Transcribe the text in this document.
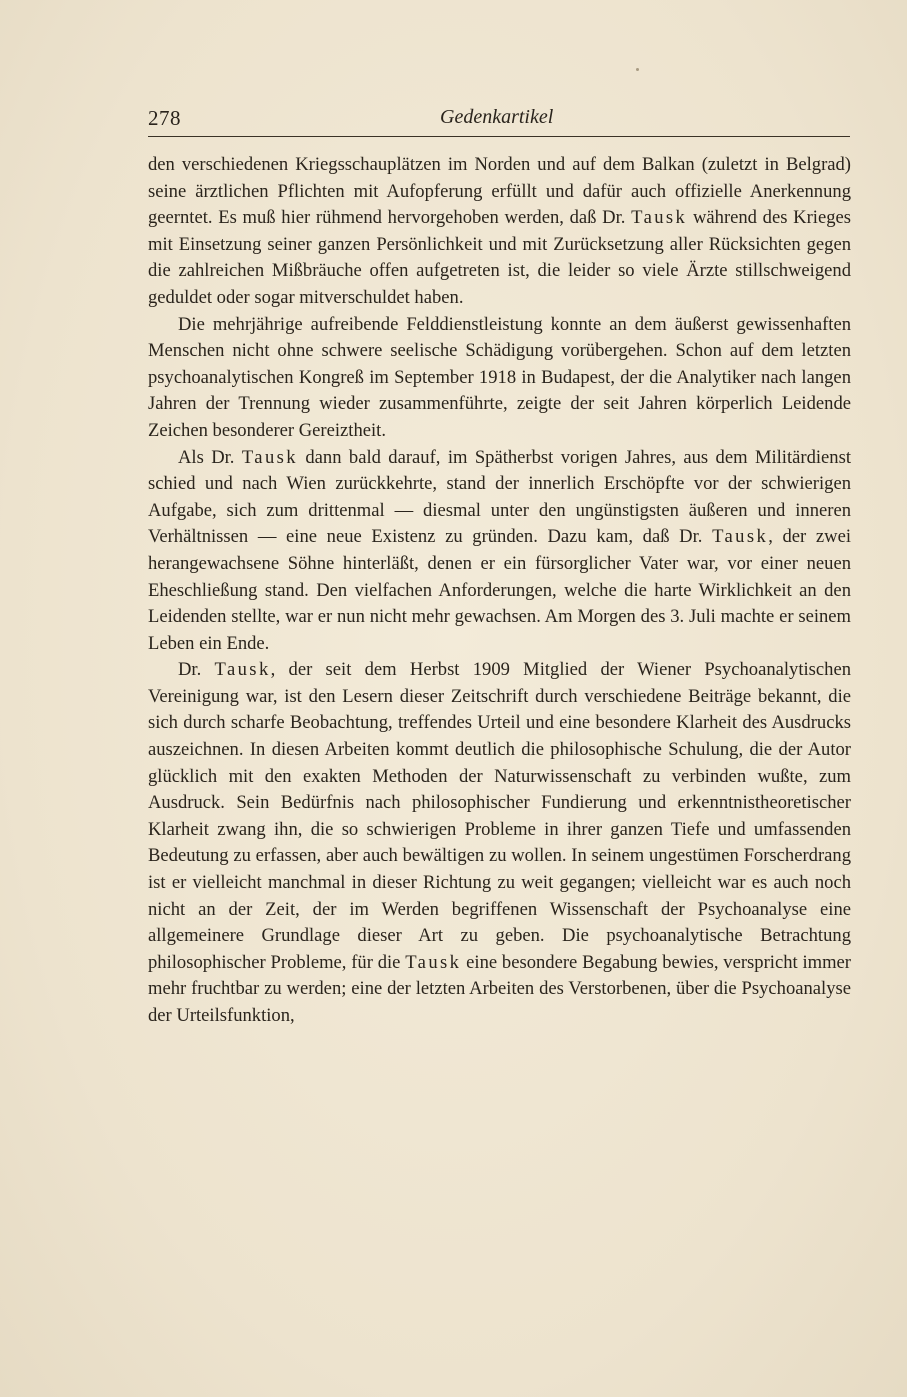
278	Gedenkartikel

den verschiedenen Kriegsschauplätzen im Norden und auf dem Balkan (zuletzt in Belgrad) seine ärztlichen Pflichten mit Aufopferung erfüllt und dafür auch offizielle Anerkennung geerntet. Es muß hier rühmend hervorgehoben werden, daß Dr. Tausk während des Krieges mit Einsetzung seiner ganzen Persönlichkeit und mit Zurücksetzung aller Rücksichten gegen die zahlreichen Mißbräuche offen aufgetreten ist, die leider so viele Ärzte stillschweigend geduldet oder sogar mitverschuldet haben.

Die mehrjährige aufreibende Felddienstleistung konnte an dem äußerst gewissenhaften Menschen nicht ohne schwere seelische Schädigung vorübergehen. Schon auf dem letzten psychoanalytischen Kongreß im September 1918 in Budapest, der die Analytiker nach langen Jahren der Trennung wieder zusammenführte, zeigte der seit Jahren körperlich Leidende Zeichen besonderer Gereiztheit.

Als Dr. Tausk dann bald darauf, im Spätherbst vorigen Jahres, aus dem Militärdienst schied und nach Wien zurückkehrte, stand der innerlich Erschöpfte vor der schwierigen Aufgabe, sich zum drittenmal — diesmal unter den ungünstigsten äußeren und inneren Verhältnissen — eine neue Existenz zu gründen. Dazu kam, daß Dr. Tausk, der zwei herangewachsene Söhne hinterläßt, denen er ein fürsorglicher Vater war, vor einer neuen Eheschließung stand. Den vielfachen Anforderungen, welche die harte Wirklichkeit an den Leidenden stellte, war er nun nicht mehr gewachsen. Am Morgen des 3. Juli machte er seinem Leben ein Ende.

Dr. Tausk, der seit dem Herbst 1909 Mitglied der Wiener Psychoanalytischen Vereinigung war, ist den Lesern dieser Zeitschrift durch verschiedene Beiträge bekannt, die sich durch scharfe Beobachtung, treffendes Urteil und eine besondere Klarheit des Ausdrucks auszeichnen. In diesen Arbeiten kommt deutlich die philosophische Schulung, die der Autor glücklich mit den exakten Methoden der Naturwissenschaft zu verbinden wußte, zum Ausdruck. Sein Bedürfnis nach philosophischer Fundierung und erkenntnistheoretischer Klarheit zwang ihn, die so schwierigen Probleme in ihrer ganzen Tiefe und umfassenden Bedeutung zu erfassen, aber auch bewältigen zu wollen. In seinem ungestümen Forscherdrang ist er vielleicht manchmal in dieser Richtung zu weit gegangen; vielleicht war es auch noch nicht an der Zeit, der im Werden begriffenen Wissenschaft der Psychoanalyse eine allgemeinere Grundlage dieser Art zu geben. Die psychoanalytische Betrachtung philosophischer Probleme, für die Tausk eine besondere Begabung bewies, verspricht immer mehr fruchtbar zu werden; eine der letzten Arbeiten des Verstorbenen, über die Psychoanalyse der Urteilsfunktion,
